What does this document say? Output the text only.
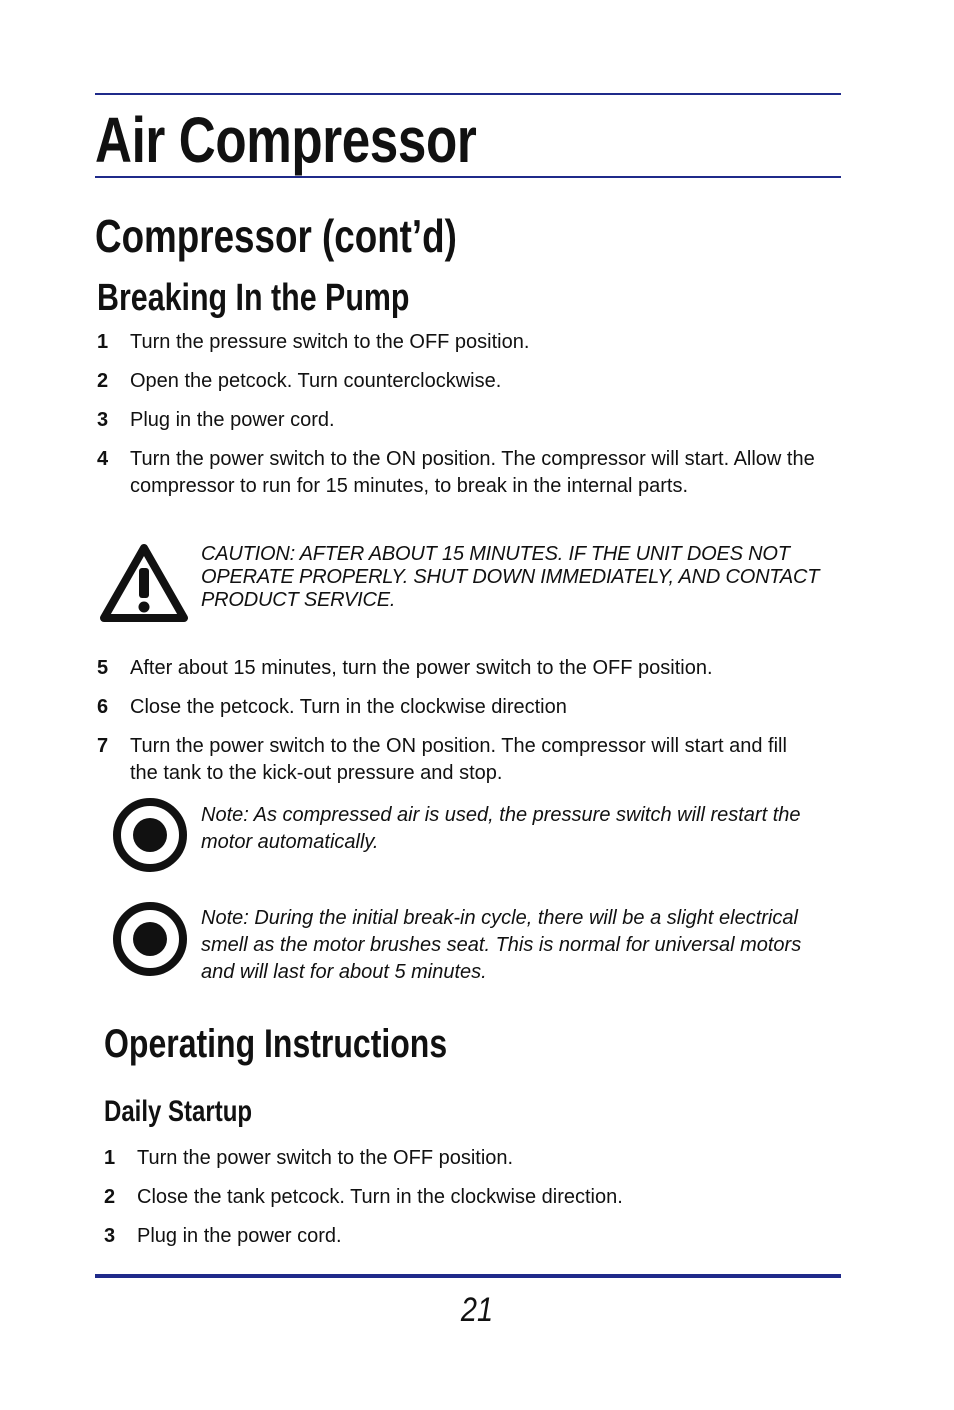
Air Compressor
Compressor (cont’d)
Breaking In the Pump
1	Turn the pressure switch to the OFF position.
2	Open the petcock. Turn counterclockwise.
3	Plug in the power cord.
4	Turn the power switch to the ON position. The compressor will start. Allow the compressor to run for 15 minutes, to break in the internal parts.
CAUTION: AFTER ABOUT 15 MINUTES. IF THE UNIT DOES NOT OPERATE PROPERLY. SHUT DOWN IMMEDIATELY, AND CONTACT PRODUCT SERVICE.
5	After about 15 minutes, turn the power switch to the OFF position.
6	Close the petcock. Turn in the clockwise direction
7	Turn the power switch to the ON position. The compressor will start and fill the tank to the kick-out pressure and stop.
Note: As compressed air is used, the pressure switch will restart the motor automatically.
Note: During the initial break-in cycle, there will be a slight electrical smell as the motor brushes seat. This is normal for universal motors and will last for about 5 minutes.
Operating Instructions
Daily Startup
1	Turn the power switch to the OFF position.
2	Close the tank petcock. Turn in the clockwise direction.
3	Plug in the power cord.
21
